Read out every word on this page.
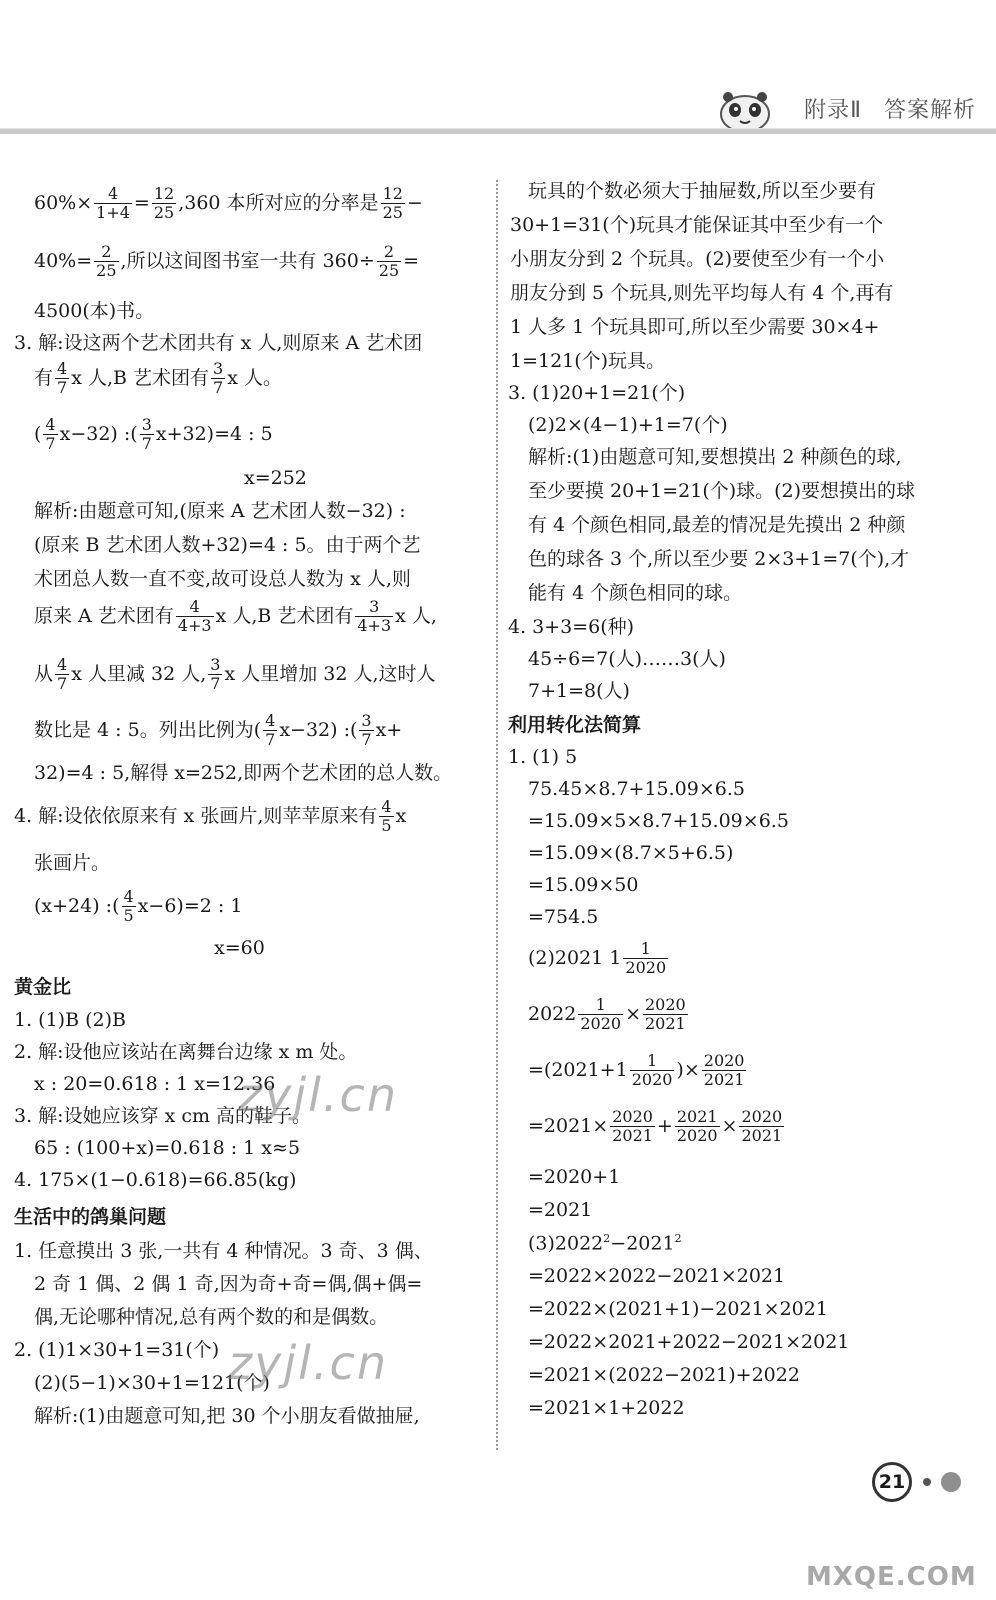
附录Ⅱ 答案解析
$60\%\times \frac{4}{1+4} = \frac{12}{25} ,360$ 本所对应的分率是 $\frac{12}{25}$ −
$40\%= \frac{2}{25}$ ,所以这间图书室一共有 $360\div \frac{2}{25}$ =
4500(本)书。
3. 解:设这两个艺术团共有 x 人,则原来 A 艺术团
有 $\frac{4}{7}$ x 人,B 艺术团有 $\frac{3}{7}$ x 人。
( $\frac{4}{7} x-32$) :( $\frac{3}{7} x+32)=4$ : 5
x=252
解析:由题意可知,(原来 A 艺术团人数−32) :
(原来 B 艺术团人数+32)=4 : 5。由于两个艺
术团总人数一直不变,故可设总人数为 x 人,则
原来 A 艺术团有 $\frac{4}{4+3}$ x 人,B 艺术团有 $\frac{3}{4+3}$ x 人,
从 $\frac{4}{7}$ x 人里减 32 人, $\frac{3}{7}$ x 人里增加 32 人,这时人
数比是 4 : 5。列出比例为( $\frac{4}{7} x-32$) :( $\frac{3}{7} x+$
32)=4 : 5,解得 x=252,即两个艺术团的总人数。
4. 解:设依依原来有 x 张画片,则苹苹原来有 $\frac{4}{5}$ x
张画片。
(x+24) :( $\frac{4}{5} x-6)=2$ : 1
x=60
黄金比
1. (1)B (2)B
2. 解:设他应该站在离舞台边缘 x m 处。
x : 20=0.618 : 1 x=12.36
3. 解:设她应该穿 x cm 高的鞋子。
65 : (100+x)=0.618 : 1 x≈5
4. 175×(1−0.618)=66.85(kg)
生活中的鸽巢问题
1. 任意摸出 3 张,一共有 4 种情况。3 奇、3 偶、
2 奇 1 偶、2 偶 1 奇,因为奇+奇=偶,偶+偶=
偶,无论哪种情况,总有两个数的和是偶数。
2. (1)1×30+1=31(个)
(2)(5−1)×30+1=121(个)
解析:(1)由题意可知,把 30 个小朋友看做抽屉,
玩具的个数必须大于抽屉数,所以至少要有
30+1=31(个)玩具才能保证其中至少有一个
小朋友分到 2 个玩具。(2)要使至少有一个小
朋友分到 5 个玩具,则先平均每人有 4 个,再有
1 人多 1 个玩具即可,所以至少需要 30×4+
1=121(个)玩具。
3. (1)20+1=21(个)
(2)2×(4−1)+1=7(个)
解析:(1)由题意可知,要想摸出 2 种颜色的球,
至少要摸 20+1=21(个)球。(2)要想摸出的球
有 4 个颜色相同,最差的情况是先摸出 2 种颜
色的球各 3 个,所以至少要 2×3+1=7(个),才
能有 4 个颜色相同的球。
4. 3+3=6(种)
45÷6=7(人)……3(人)
7+1=8(人)
利用转化法简算
1. (1) 5
75.45×8.7+15.09×6.5
=15.09×5×8.7+15.09×6.5
=15.09×(8.7×5+6.5)
=15.09×50
=754.5
(2)2021 $1 \frac{1}{2020}$
$2022 \frac{1}{2020} \times \frac{2020}{2021}$
$=(2021+1 \frac{1}{2020}$ )× $\frac{2020}{2021}$
$=2021\times \frac{2020}{2021} + \frac{2021}{2020} \times \frac{2020}{2021}$
=2020+1
=2021
$(3)2022^2-2021^2$
=2022×2022−2021×2021
=2022×(2021+1)−2021×2021
=2022×2021+2022−2021×2021
=2021×(2022−2021)+2022
=2021×1+2022
21
zyjl.cn
zyjl.cn
MXQE.COM
